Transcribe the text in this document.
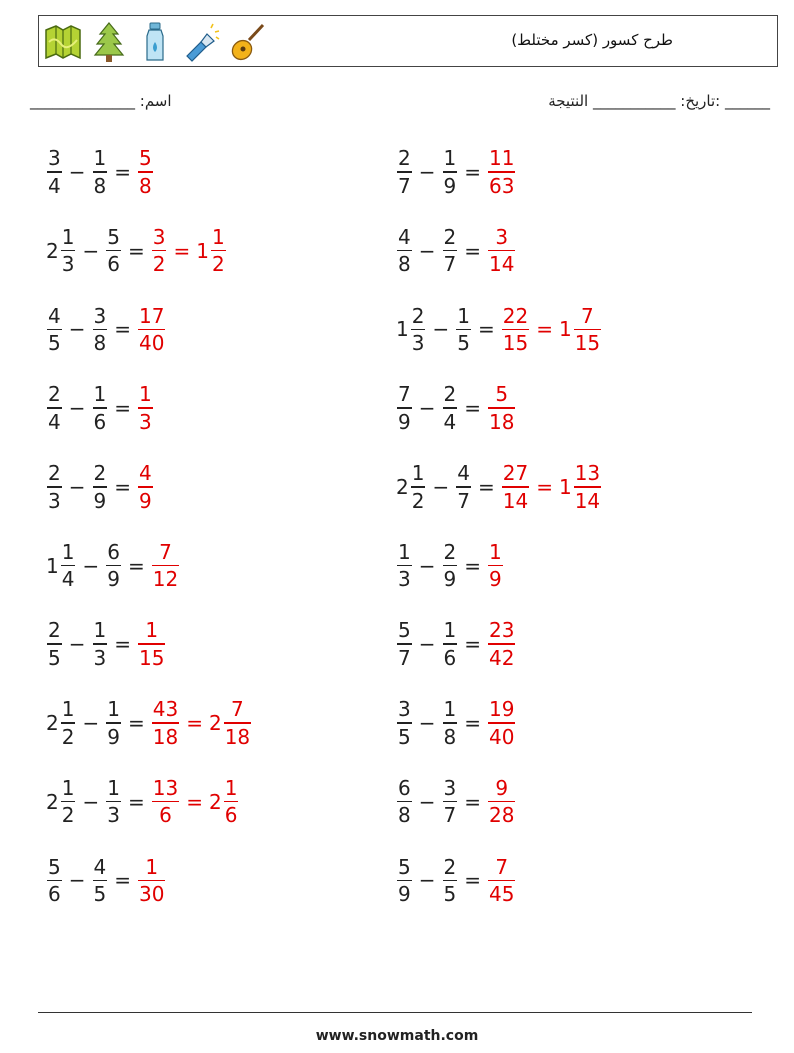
طرح كسور (كسر مختلط)
اسم: ______________	______ :تاريخ: ___________ النتيجة
$\frac{3}{4} - \frac{1}{8} = \frac{5}{8}$	$\frac{2}{7} - \frac{1}{9} = \frac{11}{63}$
$2 \frac{1}{3} - \frac{5}{6} = \frac{3}{2} = 1 \frac{1}{2}$	$\frac{4}{8} - \frac{2}{7} = \frac{3}{14}$
$\frac{4}{5} - \frac{3}{8} = \frac{17}{40}$	$1 \frac{2}{3} - \frac{1}{5} = \frac{22}{15} = 1 \frac{7}{15}$
$\frac{2}{4} - \frac{1}{6} = \frac{1}{3}$	$\frac{7}{9} - \frac{2}{4} = \frac{5}{18}$
$\frac{2}{3} - \frac{2}{9} = \frac{4}{9}$	$2 \frac{1}{2} - \frac{4}{7} = \frac{27}{14} = 1 \frac{13}{14}$
$1 \frac{1}{4} - \frac{6}{9} = \frac{7}{12}$	$\frac{1}{3} - \frac{2}{9} = \frac{1}{9}$
$\frac{2}{5} - \frac{1}{3} = \frac{1}{15}$	$\frac{5}{7} - \frac{1}{6} = \frac{23}{42}$
$2 \frac{1}{2} - \frac{1}{9} = \frac{43}{18} = 2 \frac{7}{18}$	$\frac{3}{5} - \frac{1}{8} = \frac{19}{40}$
$2 \frac{1}{2} - \frac{1}{3} = \frac{13}{6} = 2 \frac{1}{6}$	$\frac{6}{8} - \frac{3}{7} = \frac{9}{28}$
$\frac{5}{6} - \frac{4}{5} = \frac{1}{30}$	$\frac{5}{9} - \frac{2}{5} = \frac{7}{45}$
www.snowmath.com
